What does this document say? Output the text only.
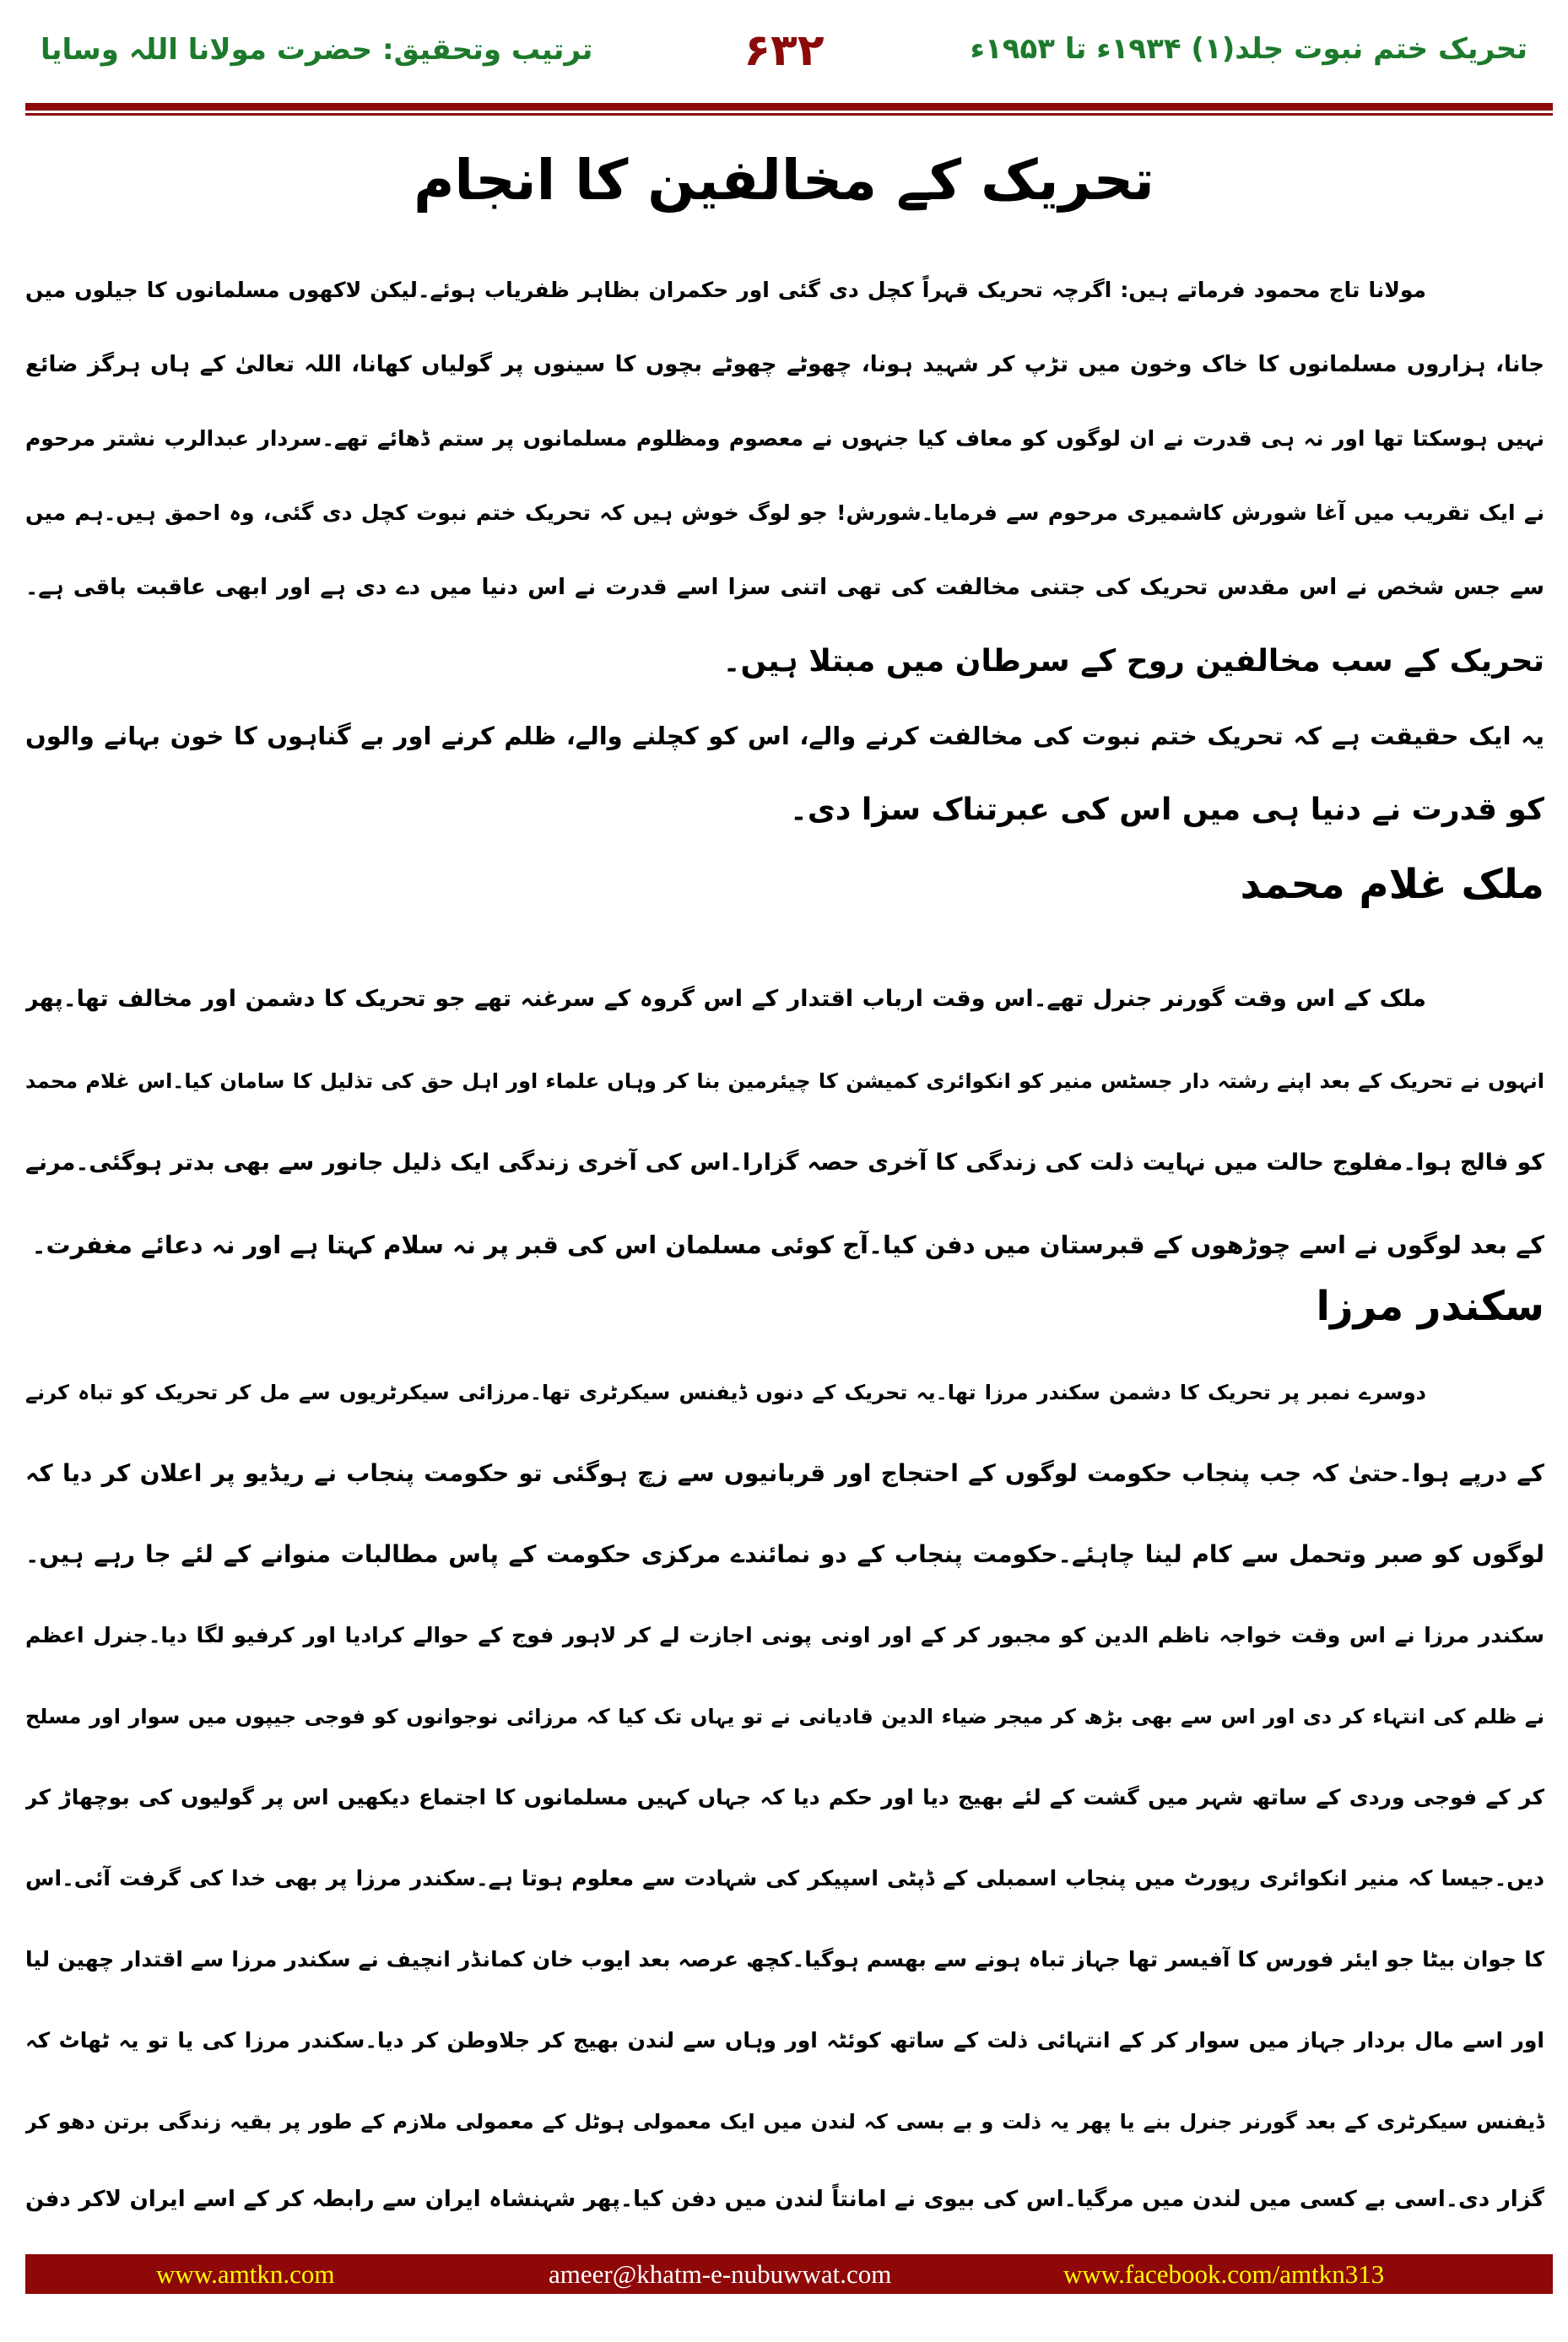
تحریک ختم نبوت جلد(۱) ۱۹۳۴ء تا ۱۹۵۳ء
۶۳۲
ترتیب وتحقیق: حضرت مولانا اللہ وسایا
تحریک کے مخالفین کا انجام
مولانا تاج محمود فرماتے ہیں: اگرچہ تحریک قہراً کچل دی گئی اور حکمران بظاہر ظفریاب ہوئے۔لیکن لاکھوں مسلمانوں کا جیلوں میں
جانا، ہزاروں مسلمانوں کا خاک وخون میں تڑپ کر شہید ہونا، چھوٹے چھوٹے بچوں کا سینوں پر گولیاں کھانا، اللہ تعالیٰ کے ہاں ہرگز ضائع
نہیں ہوسکتا تھا اور نہ ہی قدرت نے ان لوگوں کو معاف کیا جنہوں نے معصوم ومظلوم مسلمانوں پر ستم ڈھائے تھے۔سردار عبدالرب نشتر مرحوم
نے ایک تقریب میں آغا شورش کاشمیری مرحوم سے فرمایا۔شورش! جو لوگ خوش ہیں کہ تحریک ختم نبوت کچل دی گئی، وہ احمق ہیں۔ہم میں
سے جس شخص نے اس مقدس تحریک کی جتنی مخالفت کی تھی اتنی سزا اسے قدرت نے اس دنیا میں دے دی ہے اور ابھی عاقبت باقی ہے۔
تحریک کے سب مخالفین روح کے سرطان میں مبتلا ہیں۔
یہ ایک حقیقت ہے کہ تحریک ختم نبوت کی مخالفت کرنے والے، اس کو کچلنے والے، ظلم کرنے اور بے گناہوں کا خون بہانے والوں
کو قدرت نے دنیا ہی میں اس کی عبرتناک سزا دی۔
ملک غلام محمد
ملک کے اس وقت گورنر جنرل تھے۔اس وقت ارباب اقتدار کے اس گروہ کے سرغنہ تھے جو تحریک کا دشمن اور مخالف تھا۔پھر
انہوں نے تحریک کے بعد اپنے رشتہ دار جسٹس منیر کو انکوائری کمیشن کا چیئرمین بنا کر وہاں علماء اور اہل حق کی تذلیل کا سامان کیا۔اس غلام محمد
کو فالج ہوا۔مفلوج حالت میں نہایت ذلت کی زندگی کا آخری حصہ گزارا۔اس کی آخری زندگی ایک ذلیل جانور سے بھی بدتر ہوگئی۔مرنے
کے بعد لوگوں نے اسے چوڑھوں کے قبرستان میں دفن کیا۔آج کوئی مسلمان اس کی قبر پر نہ سلام کہتا ہے اور نہ دعائے مغفرت۔
سکندر مرزا
دوسرے نمبر پر تحریک کا دشمن سکندر مرزا تھا۔یہ تحریک کے دنوں ڈیفنس سیکرٹری تھا۔مرزائی سیکرٹریوں سے مل کر تحریک کو تباہ کرنے
کے درپے ہوا۔حتیٰ کہ جب پنجاب حکومت لوگوں کے احتجاج اور قربانیوں سے زچ ہوگئی تو حکومت پنجاب نے ریڈیو پر اعلان کر دیا کہ
لوگوں کو صبر وتحمل سے کام لینا چاہئے۔حکومت پنجاب کے دو نمائندے مرکزی حکومت کے پاس مطالبات منوانے کے لئے جا رہے ہیں۔
سکندر مرزا نے اس وقت خواجہ ناظم الدین کو مجبور کر کے اور اونی پونی اجازت لے کر لاہور فوج کے حوالے کرادیا اور کرفیو لگا دیا۔جنرل اعظم
نے ظلم کی انتہاء کر دی اور اس سے بھی بڑھ کر میجر ضیاء الدین قادیانی نے تو یہاں تک کیا کہ مرزائی نوجوانوں کو فوجی جیپوں میں سوار اور مسلح
کر کے فوجی وردی کے ساتھ شہر میں گشت کے لئے بھیج دیا اور حکم دیا کہ جہاں کہیں مسلمانوں کا اجتماع دیکھیں اس پر گولیوں کی بوچھاڑ کر
دیں۔جیسا کہ منیر انکوائری رپورٹ میں پنجاب اسمبلی کے ڈپٹی اسپیکر کی شہادت سے معلوم ہوتا ہے۔سکندر مرزا پر بھی خدا کی گرفت آئی۔اس
کا جوان بیٹا جو ایئر فورس کا آفیسر تھا جہاز تباہ ہونے سے بھسم ہوگیا۔کچھ عرصہ بعد ایوب خان کمانڈر انچیف نے سکندر مرزا سے اقتدار چھین لیا
اور اسے مال بردار جہاز میں سوار کر کے انتہائی ذلت کے ساتھ کوئٹہ اور وہاں سے لندن بھیج کر جلاوطن کر دیا۔سکندر مرزا کی یا تو یہ ٹھاٹ کہ
ڈیفنس سیکرٹری کے بعد گورنر جنرل بنے یا پھر یہ ذلت و بے بسی کہ لندن میں ایک معمولی ہوٹل کے معمولی ملازم کے طور پر بقیہ زندگی برتن دھو کر
گزار دی۔اسی بے کسی میں لندن میں مرگیا۔اس کی بیوی نے امانتاً لندن میں دفن کیا۔پھر شہنشاہ ایران سے رابطہ کر کے اسے ایران لاکر دفن
www.amtkn.com	ameer@khatm-e-nubuwwat.com	www.facebook.com/amtkn313
